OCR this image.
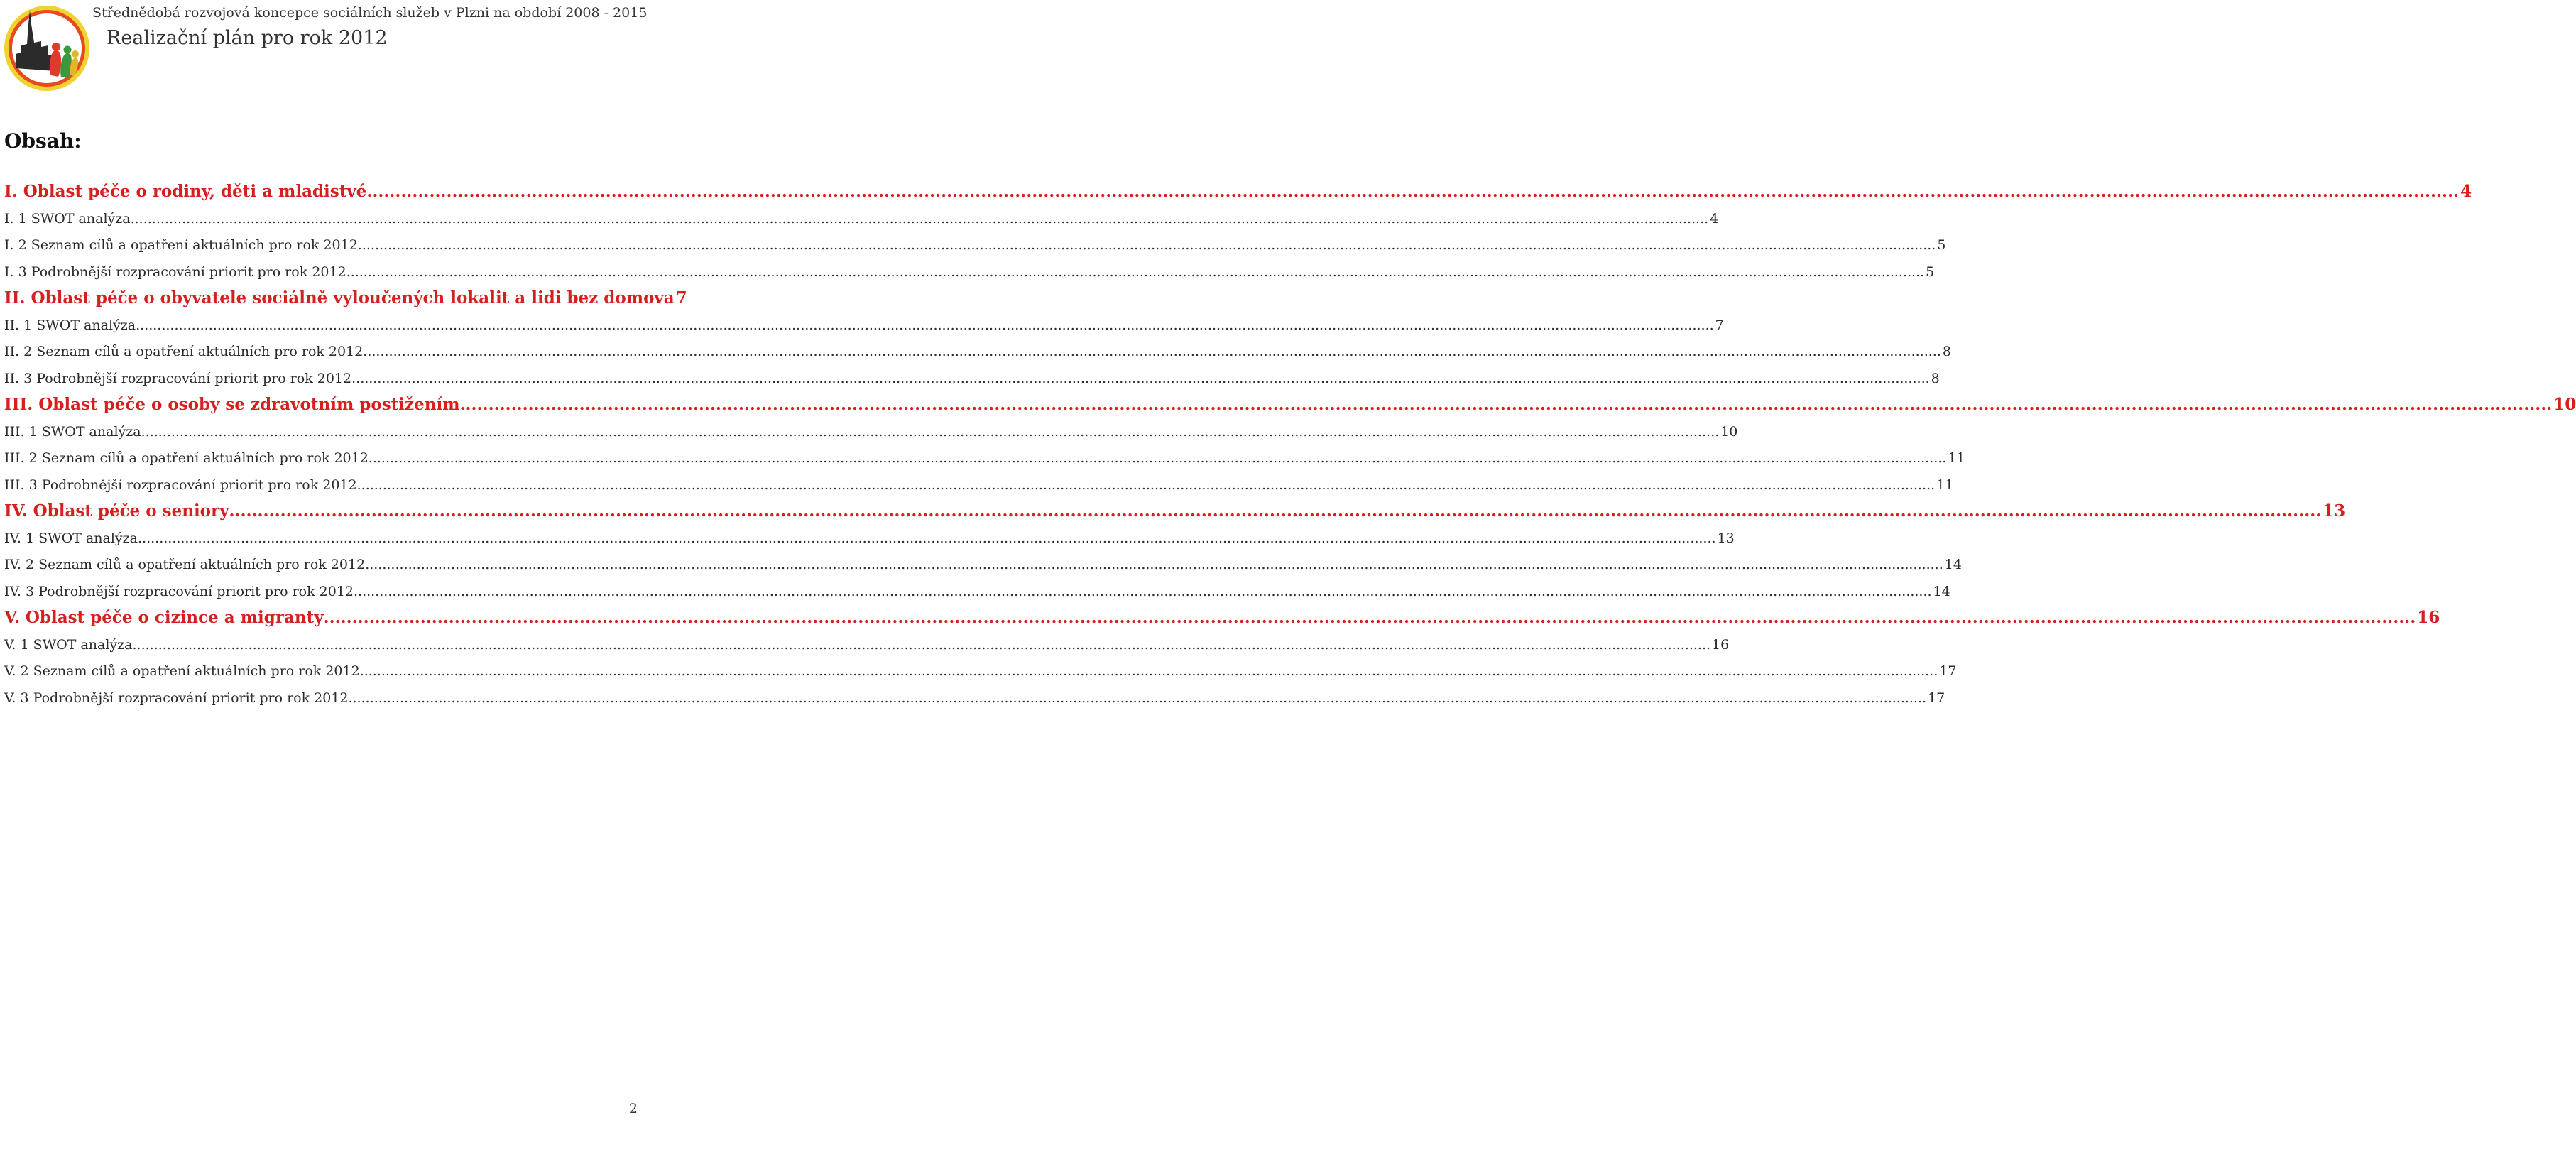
Střednědobá rozvojová koncepce sociálních služeb v Plzni na období 2008 - 2015
Realizační plán pro rok 2012
Obsah:
I. Oblast péče o rodiny, děti a mladistvé .....	4
I. 1 SWOT analýza .....	4
I. 2 Seznam cílů a opatření aktuálních pro rok 2012 .....	5
I. 3 Podrobnější rozpracování priorit pro rok 2012 .....	5
II. Oblast péče o obyvatele sociálně vyloučených lokalit a lidi bez domova 7
II. 1 SWOT analýza .....	7
II. 2 Seznam cílů a opatření aktuálních pro rok 2012 .....	8
II. 3 Podrobnější rozpracování priorit pro rok 2012 .....	8
III. Oblast péče o osoby se zdravotním postižením .....	10
III. 1 SWOT analýza .....	10
III. 2 Seznam cílů a opatření aktuálních pro rok 2012 .....	11
III. 3 Podrobnější rozpracování priorit pro rok 2012 .....	11
IV. Oblast péče o seniory .....	13
IV. 1 SWOT analýza .....	13
IV. 2 Seznam cílů a opatření aktuálních pro rok 2012 .....	14
IV. 3 Podrobnější rozpracování priorit pro rok 2012 .....	14
V. Oblast péče o cizince a migranty .....	16
V. 1 SWOT analýza .....	16
V. 2 Seznam cílů a opatření aktuálních pro rok 2012 .....	17
V. 3 Podrobnější rozpracování priorit pro rok 2012 .....	17
2
